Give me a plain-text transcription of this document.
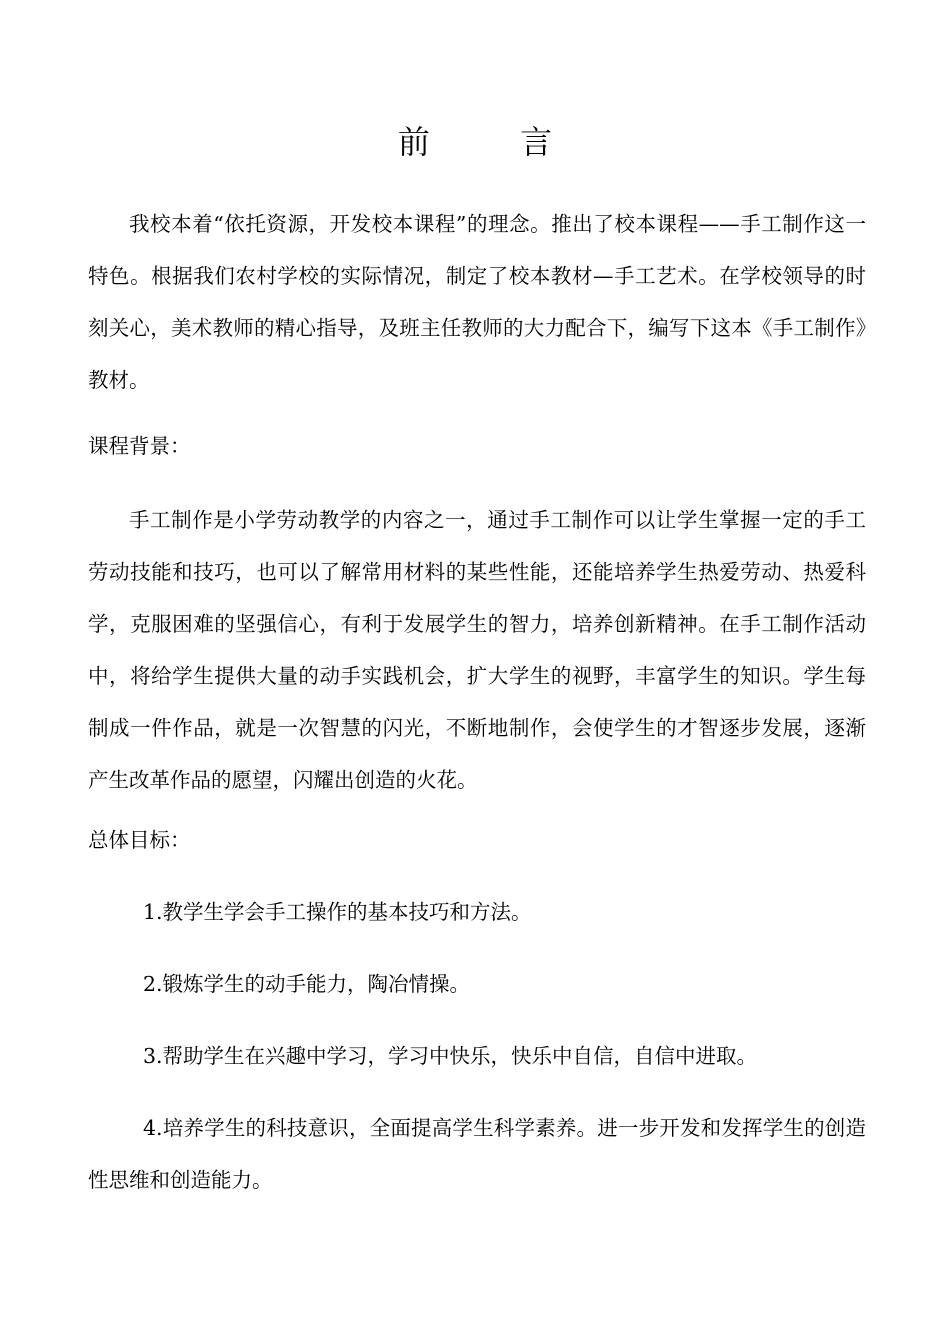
前 言

我校本着“依托资源，开发校本课程”的理念。推出了校本课程——手工制作这一特色。根据我们农村学校的实际情况，制定了校本教材—手工艺术。在学校领导的时刻关心，美术教师的精心指导，及班主任教师的大力配合下，编写下这本《手工制作》教材。

课程背景：

手工制作是小学劳动教学的内容之一，通过手工制作可以让学生掌握一定的手工劳动技能和技巧，也可以了解常用材料的某些性能，还能培养学生热爱劳动、热爱科学，克服困难的坚强信心，有利于发展学生的智力，培养创新精神。在手工制作活动中，将给学生提供大量的动手实践机会，扩大学生的视野，丰富学生的知识。学生每制成一件作品，就是一次智慧的闪光，不断地制作，会使学生的才智逐步发展，逐渐产生改革作品的愿望，闪耀出创造的火花。

总体目标：

1.教学生学会手工操作的基本技巧和方法。

2.锻炼学生的动手能力，陶冶情操。

3.帮助学生在兴趣中学习，学习中快乐，快乐中自信，自信中进取。

4.培养学生的科技意识，全面提高学生科学素养。进一步开发和发挥学生的创造性思维和创造能力。
